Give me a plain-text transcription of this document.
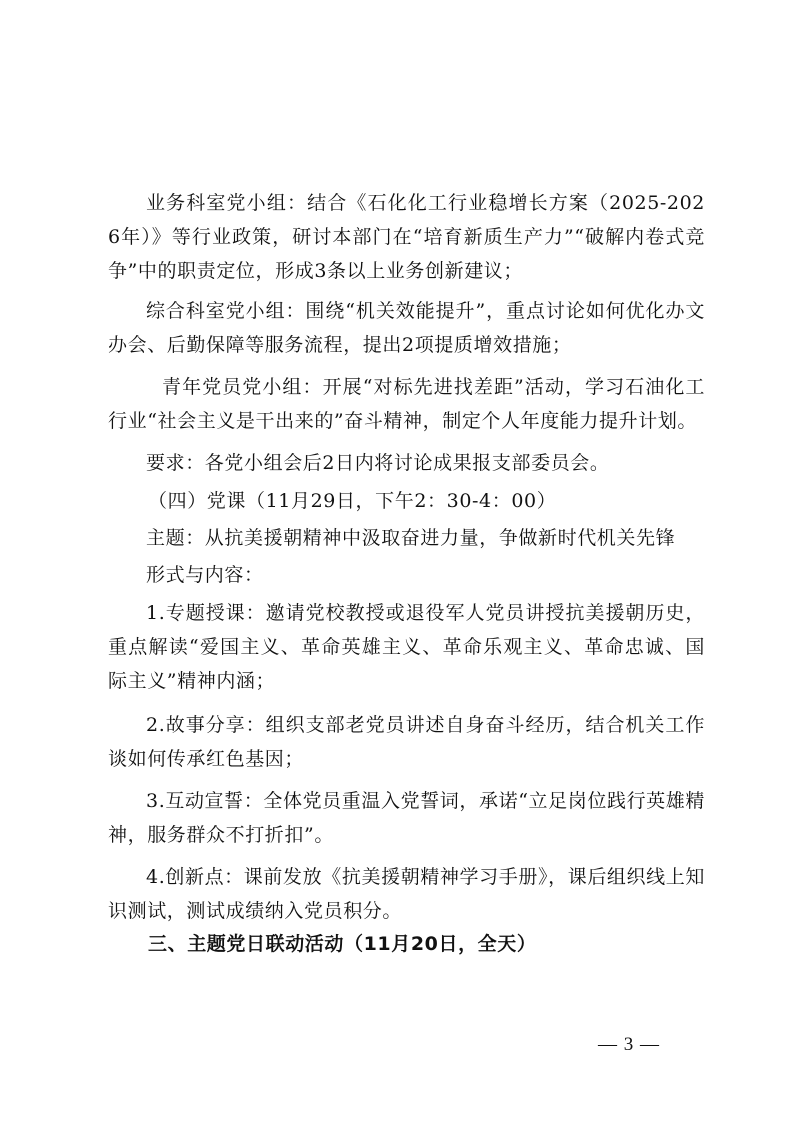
业务科室党小组：结合《石化化工行业稳增长方案（2025-2026年）》等行业政策，研讨本部门在“培育新质生产力”“破解内卷式竞争”中的职责定位，形成3条以上业务创新建议；
综合科室党小组：围绕“机关效能提升”，重点讨论如何优化办文办会、后勤保障等服务流程，提出2项提质增效措施；
青年党员党小组：开展“对标先进找差距”活动，学习石油化工行业“社会主义是干出来的”奋斗精神，制定个人年度能力提升计划。
要求：各党小组会后2日内将讨论成果报支部委员会。
（四）党课（11月29日，下午2：30-4：00）
主题：从抗美援朝精神中汲取奋进力量，争做新时代机关先锋
形式与内容：
1.专题授课：邀请党校教授或退役军人党员讲授抗美援朝历史，重点解读“爱国主义、革命英雄主义、革命乐观主义、革命忠诚、国际主义”精神内涵；
2.故事分享：组织支部老党员讲述自身奋斗经历，结合机关工作谈如何传承红色基因；
3.互动宣誓：全体党员重温入党誓词，承诺“立足岗位践行英雄精神，服务群众不打折扣”。
4.创新点：课前发放《抗美援朝精神学习手册》，课后组织线上知识测试，测试成绩纳入党员积分。
三、主题党日联动活动（11月20日，全天）
— 3 —
